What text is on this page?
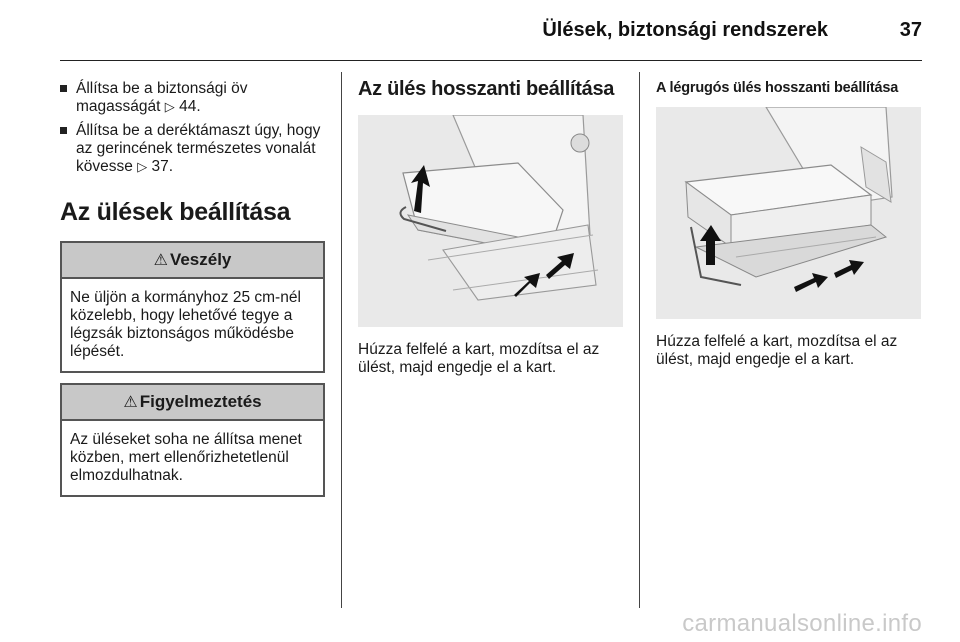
Ülések, biztonsági rendszerek	37
Állítsa be a biztonsági öv magasságát ▷ 44.
Állítsa be a deréktámaszt úgy, hogy az gerincének természetes vonalát kövesse ▷ 37.
Az ülések beállítása
⚠ Veszély
Ne üljön a kormányhoz 25 cm-nél közelebb, hogy lehetővé tegye a légzsák biztonságos működésbe lépését.
⚠ Figyelmeztetés
Az üléseket soha ne állítsa menet közben, mert ellenőrizhetetlenül elmozdulhatnak.
Az ülés hosszanti beállítása
Húzza felfelé a kart, mozdítsa el az ülést, majd engedje el a kart.
A légrugós ülés hosszanti beállítása
Húzza felfelé a kart, mozdítsa el az ülést, majd engedje el a kart.
carmanualsonline.info
